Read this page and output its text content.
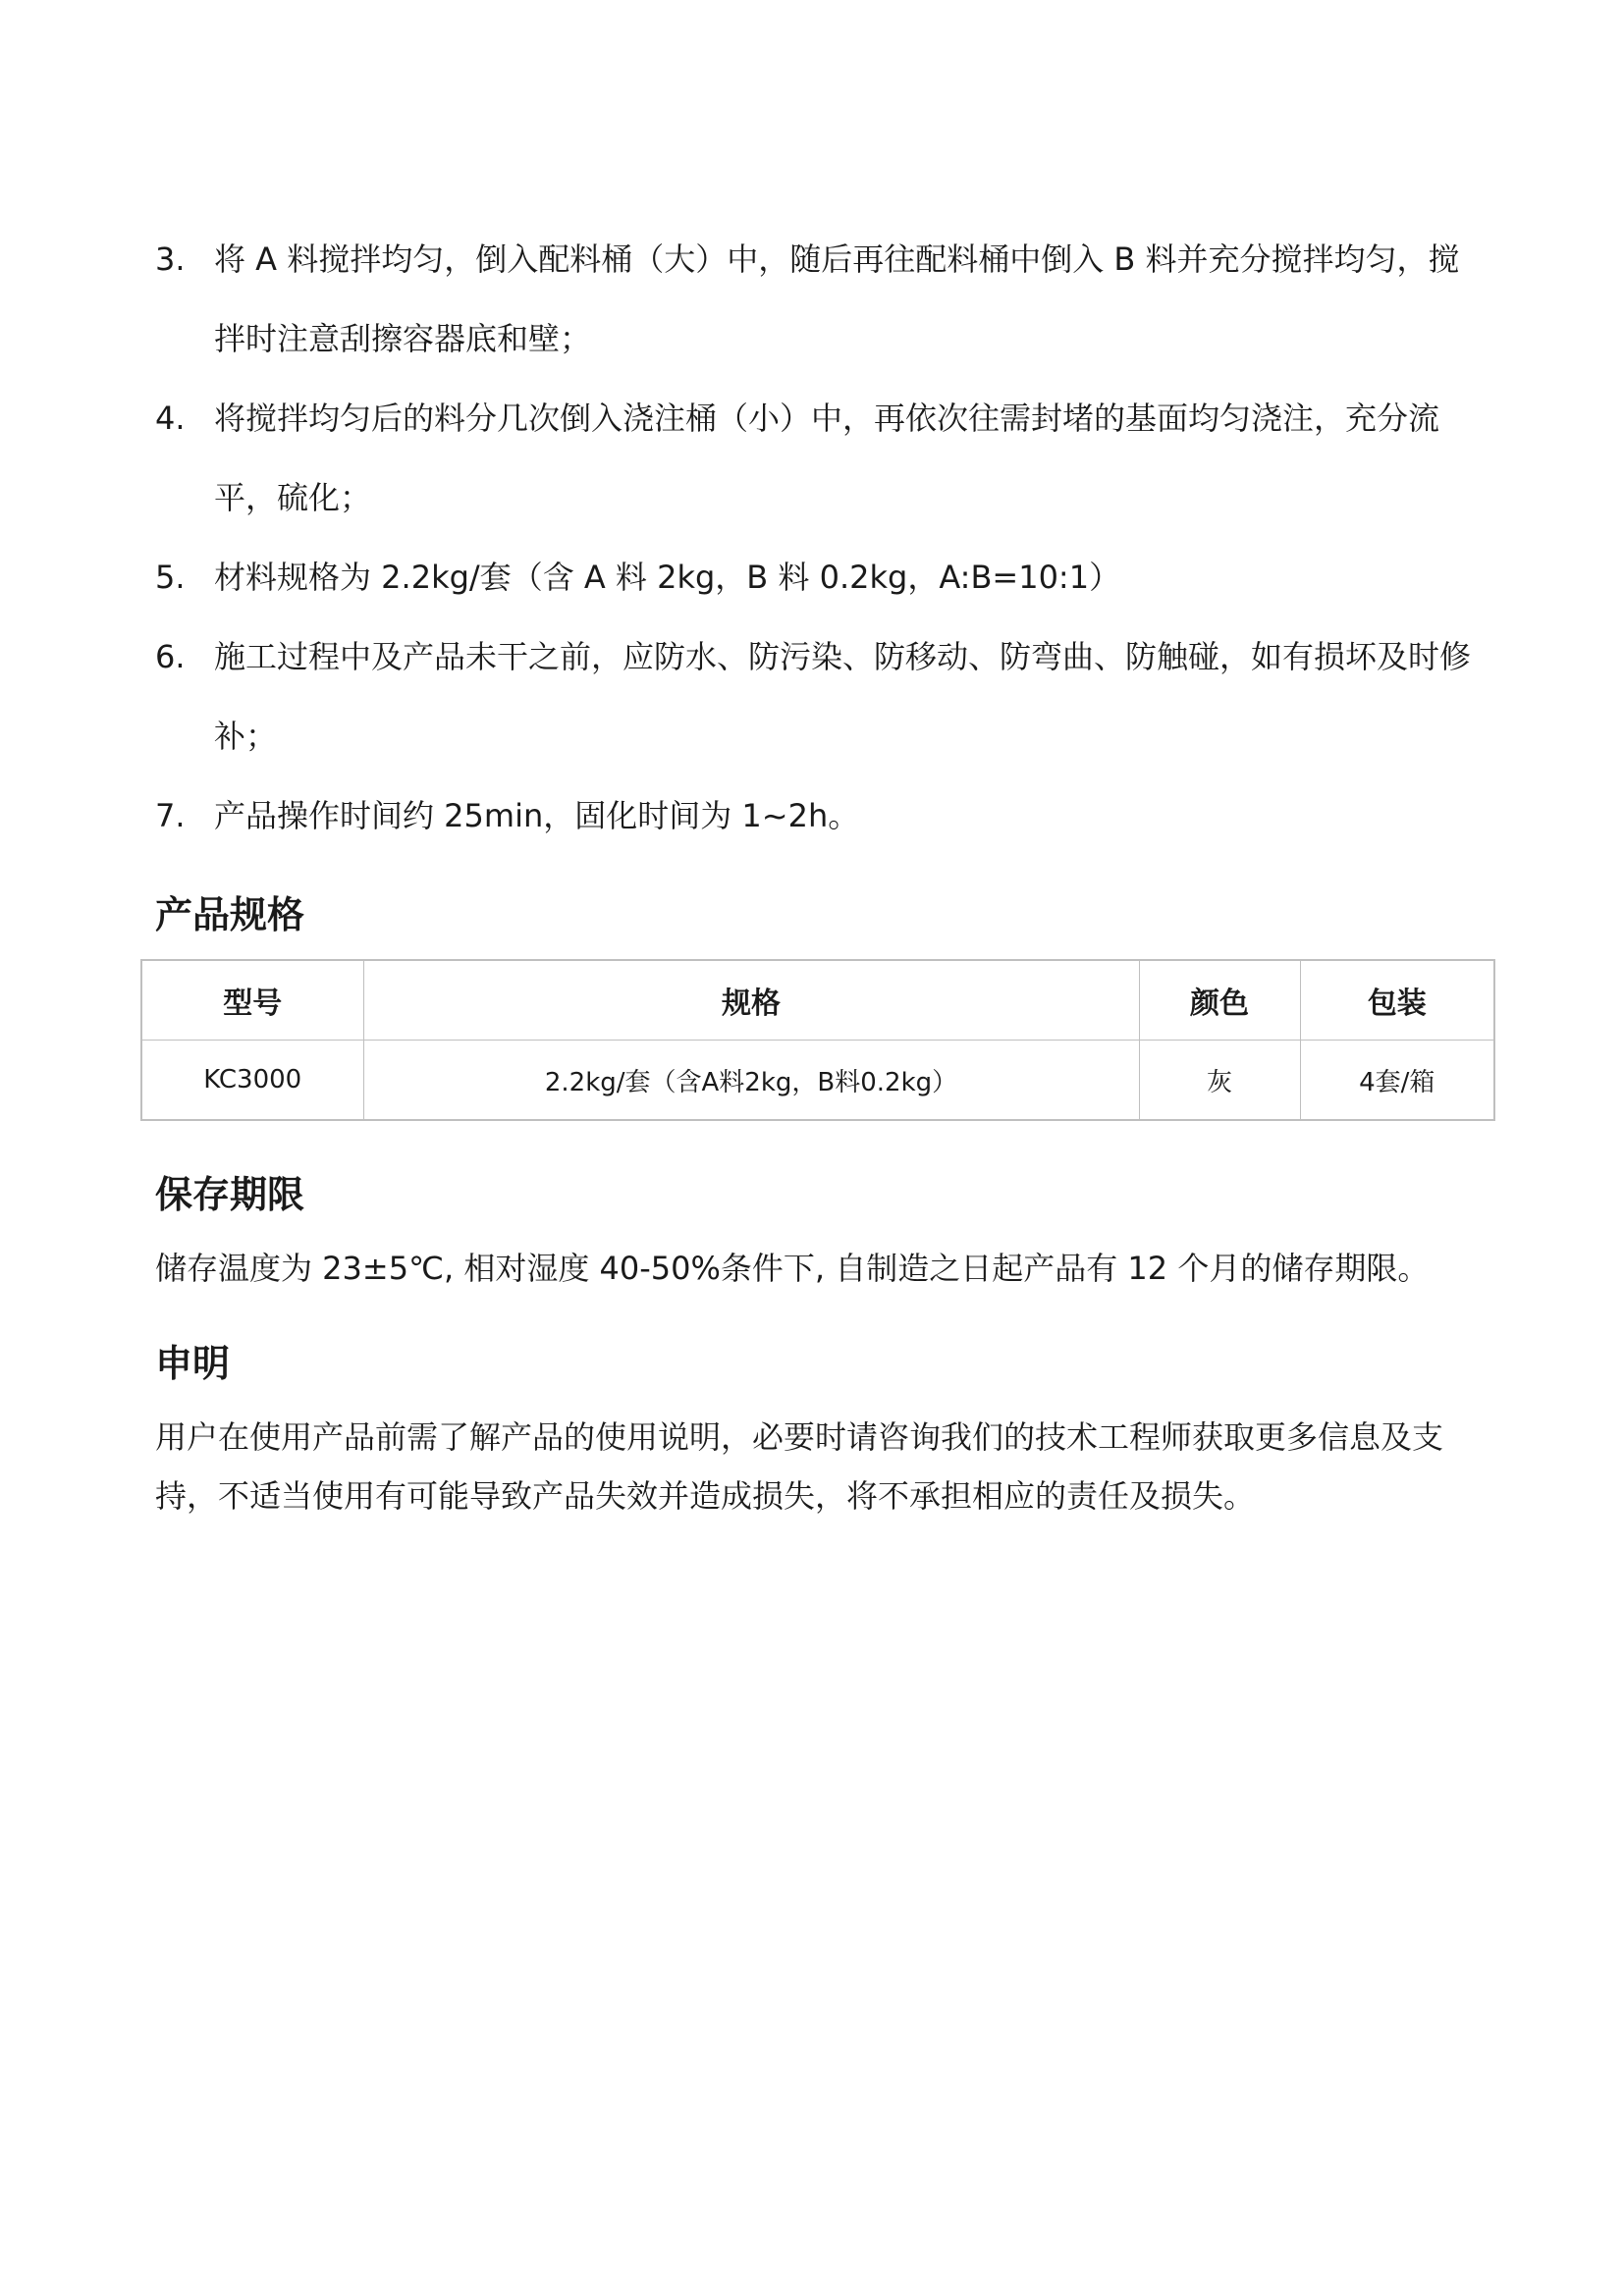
3. 将 A 料搅拌均匀，倒入配料桶（大）中，随后再往配料桶中倒入 B 料并充分搅拌均匀，搅拌时注意刮擦容器底和壁；
4. 将搅拌均匀后的料分几次倒入浇注桶（小）中，再依次往需封堵的基面均匀浇注，充分流平，硫化；
5. 材料规格为 2.2kg/套（含 A 料 2kg，B 料 0.2kg，A:B=10:1）
6. 施工过程中及产品未干之前，应防水、防污染、防移动、防弯曲、防触碰，如有损坏及时修补；
7. 产品操作时间约 25min，固化时间为 1~2h。
产品规格
型号	规格	颜色	包装
KC3000	2.2kg/套（含A料2kg，B料0.2kg）	灰	4套/箱
保存期限

储存温度为 23±5℃, 相对湿度 40-50%条件下, 自制造之日起产品有 12 个月的储存期限。

申明

用户在使用产品前需了解产品的使用说明，必要时请咨询我们的技术工程师获取更多信息及支持，不适当使用有可能导致产品失效并造成损失，将不承担相应的责任及损失。
